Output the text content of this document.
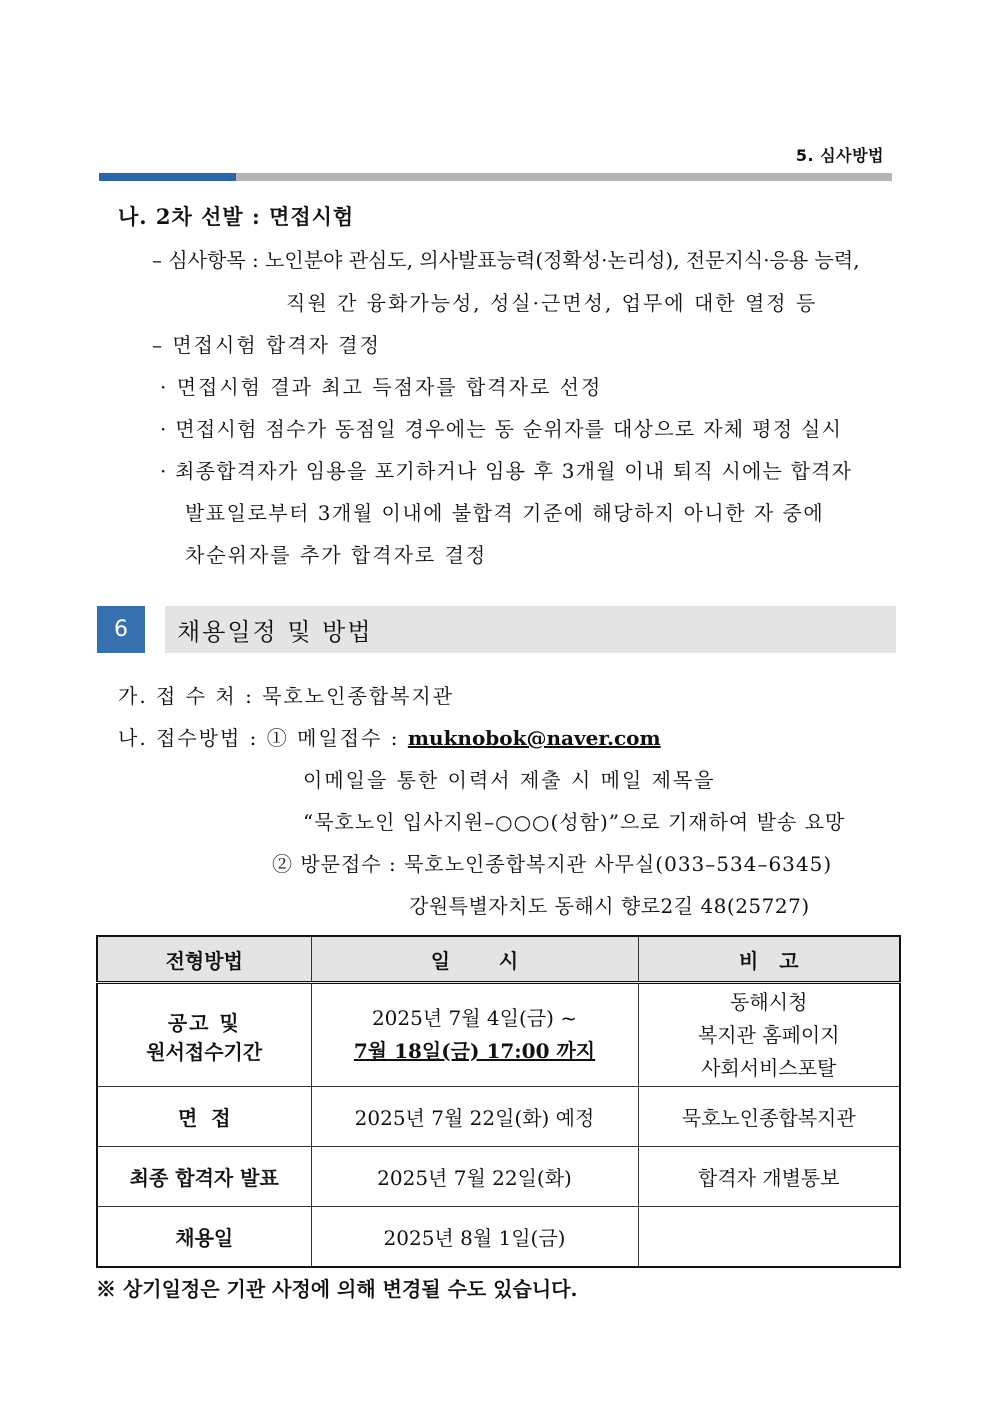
5. 심사방법
나. 2차 선발 : 면접시험
– 심사항목 : 노인분야 관심도, 의사발표능력(정확성·논리성), 전문지식·응용 능력,
직원 간 융화가능성, 성실·근면성, 업무에 대한 열정 등
– 면접시험 합격자 결정
· 면접시험 결과 최고 득점자를 합격자로 선정
· 면접시험 점수가 동점일 경우에는 동 순위자를 대상으로 자체 평정 실시
· 최종합격자가 임용을 포기하거나 임용 후 3개월 이내 퇴직 시에는 합격자
발표일로부터 3개월 이내에 불합격 기준에 해당하지 아니한 자 중에
차순위자를 추가 합격자로 결정
6	채용일정 및 방법
가. 접 수 처 : 묵호노인종합복지관
나. 접수방법 : ① 메일접수 : muknobok@naver.com
이메일을 통한 이력서 제출 시 메일 제목을
“묵호노인 입사지원–○○○(성함)”으로 기재하여 발송 요망
② 방문접수 : 묵호노인종합복지관 사무실(033–534–6345)
강원특별자치도 동해시 향로2길 48(25727)
전형방법	일       시	비   고

공고 및
원서접수기간	2025년 7월 4일(금) ~
7월 18일(금) 17:00 까지	동해시청
복지관 홈페이지
사회서비스포탈

면  접	2025년 7월 22일(화) 예정	묵호노인종합복지관
최종 합격자 발표	2025년 7월 22일(화)	합격자 개별통보
채용일	2025년 8월 1일(금)	
※ 상기일정은 기관 사정에 의해 변경될 수도 있습니다.
